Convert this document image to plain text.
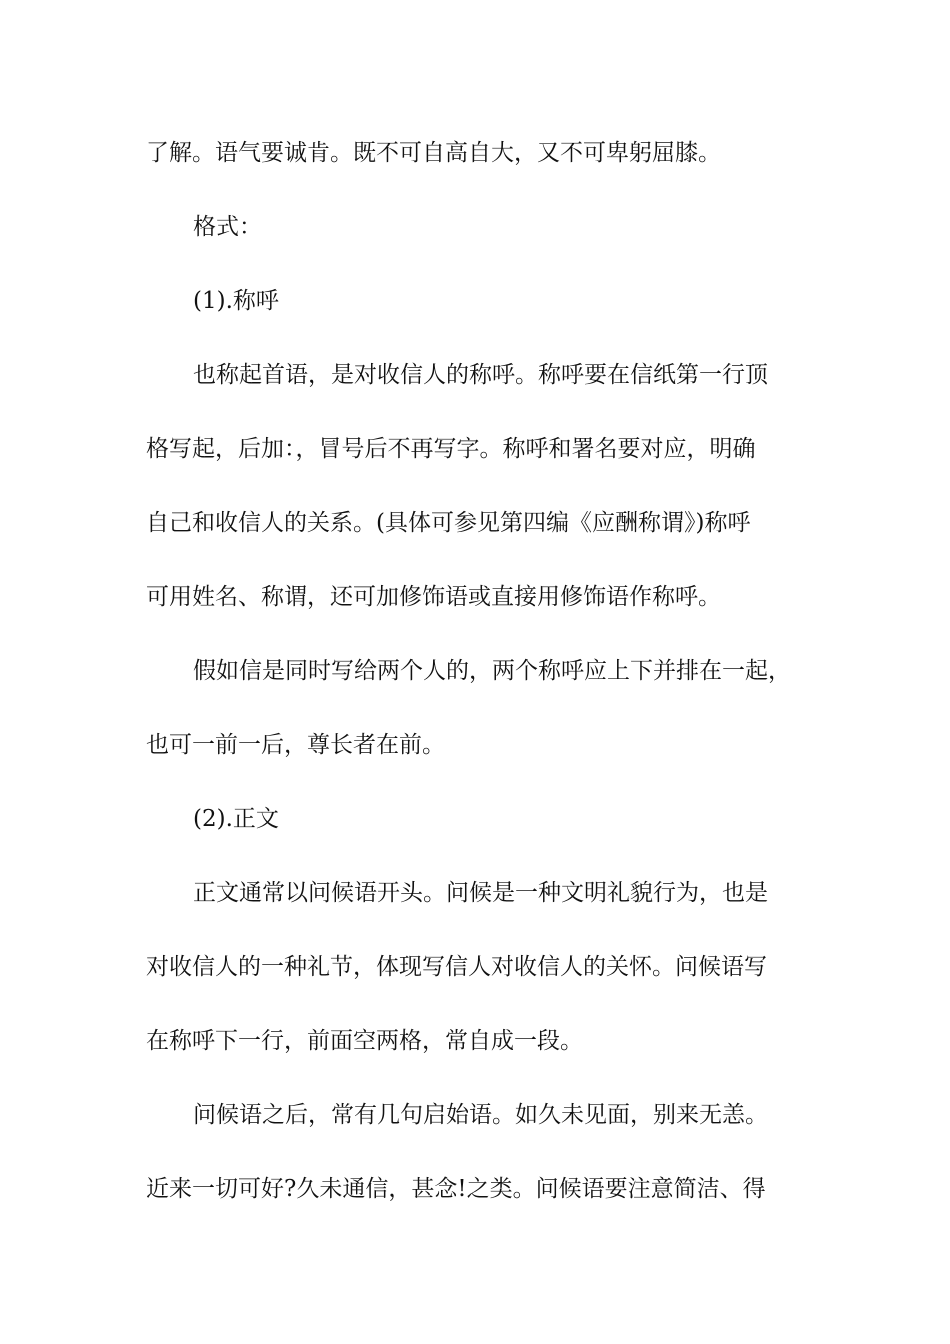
了解。语气要诚肯。既不可自高自大，又不可卑躬屈膝。

格式：

(1).称呼

也称起首语，是对收信人的称呼。称呼要在信纸第一行顶

格写起，后加：，冒号后不再写字。称呼和署名要对应，明确

自己和收信人的关系。(具体可参见第四编《应酬称谓》)称呼

可用姓名、称谓，还可加修饰语或直接用修饰语作称呼。

假如信是同时写给两个人的，两个称呼应上下并排在一起，

也可一前一后，尊长者在前。

(2).正文

正文通常以问候语开头。问候是一种文明礼貌行为，也是

对收信人的一种礼节，体现写信人对收信人的关怀。问候语写

在称呼下一行，前面空两格，常自成一段。

问候语之后，常有几句启始语。如久未见面，别来无恙。

近来一切可好?久未通信，甚念!之类。问候语要注意简洁、得
